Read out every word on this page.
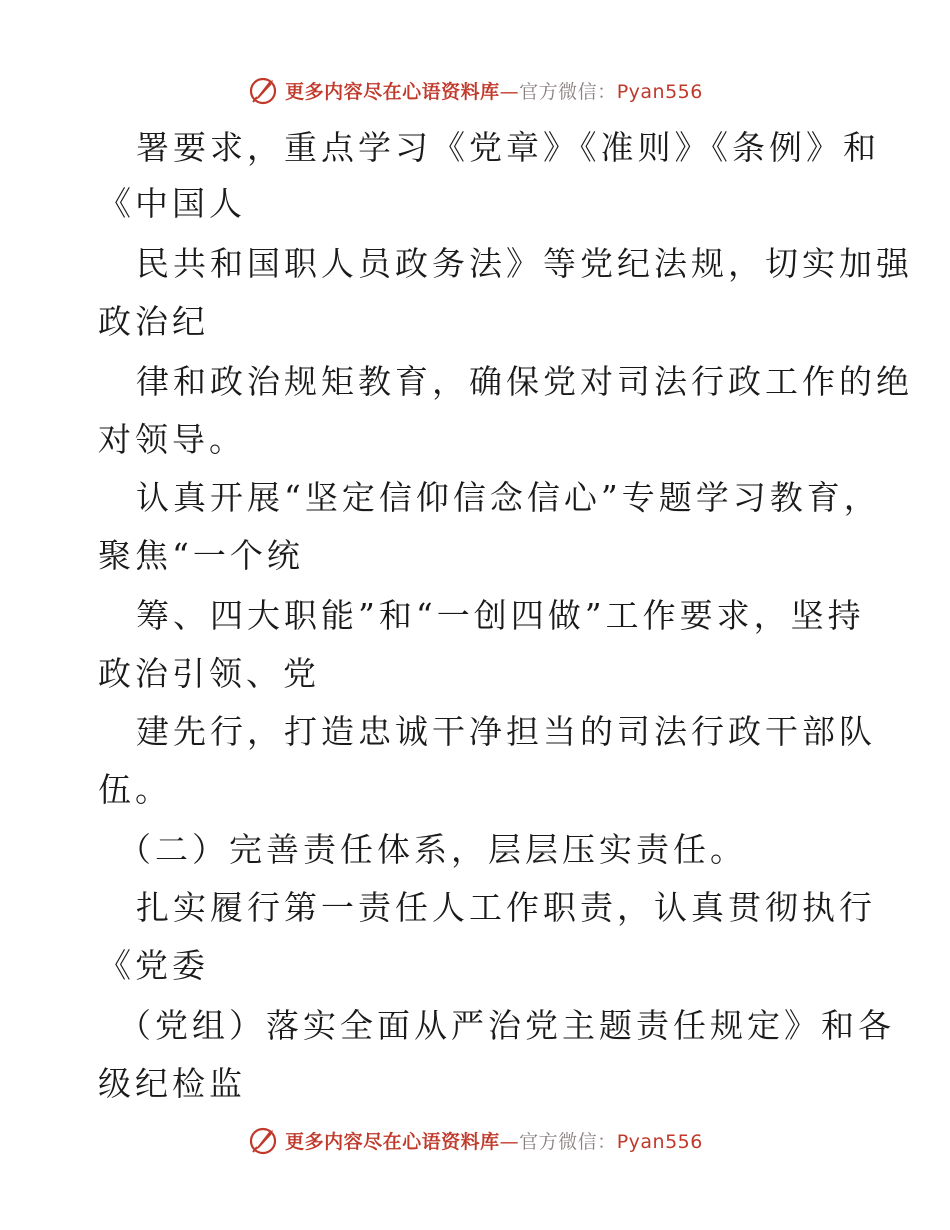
更多内容尽在心语资料库—官方微信：Pyan556
署要求，重点学习《党章》《准则》《条例》和
《中国人
民共和国职人员政务法》等党纪法规，切实加强
政治纪
律和政治规矩教育，确保党对司法行政工作的绝
对领导。
认真开展“坚定信仰信念信心”专题学习教育，
聚焦“一个统
筹、四大职能”和“一创四做”工作要求，坚持
政治引领、党
建先行，打造忠诚干净担当的司法行政干部队
伍。
（二）完善责任体系，层层压实责任。
扎实履行第一责任人工作职责，认真贯彻执行
《党委
（党组）落实全面从严治党主题责任规定》和各
级纪检监
更多内容尽在心语资料库—官方微信：Pyan556
